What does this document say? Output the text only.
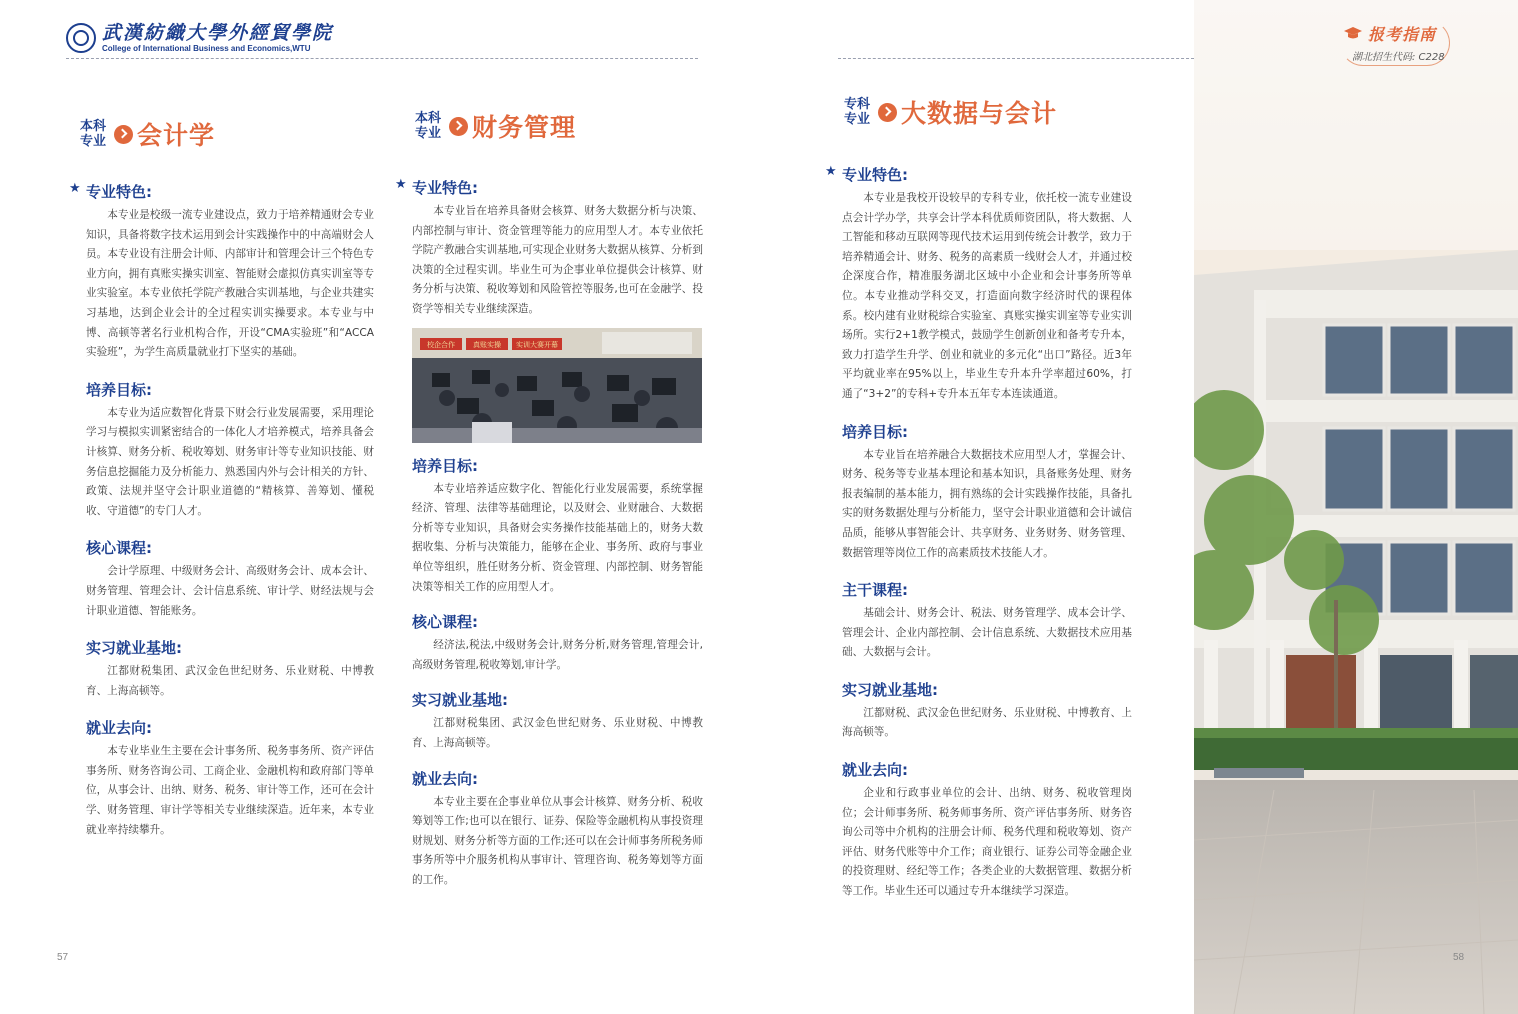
武漢紡織大學外經貿學院
College of International Business and Economics,WTU
本科专业 会计学
★ 专业特色:

本专业是校级一流专业建设点，致力于培养精通财会专业知识，具备将数字技术运用到会计实践操作中的中高端财会人员。本专业设有注册会计师、内部审计和管理会计三个特色专业方向，拥有真账实操实训室、智能财会虚拟仿真实训室等专业实验室。本专业依托学院产教融合实训基地，与企业共建实习基地，达到企业会计的全过程实训实操要求。本专业与中博、高顿等著名行业机构合作，开设“CMA实验班”和“ACCA实验班”，为学生高质量就业打下坚实的基础。

培养目标:

本专业为适应数智化背景下财会行业发展需要，采用理论学习与模拟实训紧密结合的一体化人才培养模式，培养具备会计核算、财务分析、税收筹划、财务审计等专业知识技能、财务信息挖掘能力及分析能力、熟悉国内外与会计相关的方针、政策、法规并坚守会计职业道德的“精核算、善筹划、懂税收、守道德”的专门人才。

核心课程:

会计学原理、中级财务会计、高级财务会计、成本会计、财务管理、管理会计、会计信息系统、审计学、财经法规与会计职业道德、智能账务。

实习就业基地:

江都财税集团、武汉金色世纪财务、乐业财税、中博教育、上海高顿等。

就业去向:

本专业毕业生主要在会计事务所、税务事务所、资产评估事务所、财务咨询公司、工商企业、金融机构和政府部门等单位，从事会计、出纳、财务、税务、审计等工作，还可在会计学、财务管理、审计学等相关专业继续深造。近年来，本专业就业率持续攀升。

本科专业 财务管理
★ 专业特色:

本专业旨在培养具备财会核算、财务大数据分析与决策、内部控制与审计、资金管理等能力的应用型人才。本专业依托学院产教融合实训基地,可实现企业财务大数据从核算、分析到决策的全过程实训。毕业生可为企事业单位提供会计核算、财务分析与决策、税收筹划和风险管控等服务,也可在金融学、投资学等相关专业继续深造。

校企合作	真账实操 实训大赛开幕
培养目标:

本专业培养适应数字化、智能化行业发展需要，系统掌握经济、管理、法律等基础理论，以及财会、业财融合、大数据分析等专业知识，具备财会实务操作技能基础上的，财务大数据收集、分析与决策能力，能够在企业、事务所、政府与事业单位等组织，胜任财务分析、资金管理、内部控制、财务智能决策等相关工作的应用型人才。

核心课程:

经济法,税法,中级财务会计,财务分析,财务管理,管理会计,高级财务管理,税收筹划,审计学。

实习就业基地:

江都财税集团、武汉金色世纪财务、乐业财税、中博教育、上海高顿等。

就业去向:

本专业主要在企事业单位从事会计核算、财务分析、税收筹划等工作;也可以在银行、证券、保险等金融机构从事投资理财规划、财务分析等方面的工作;还可以在会计师事务所税务师事务所等中介服务机构从事审计、管理咨询、税务筹划等方面的工作。

专科专业 大数据与会计
★ 专业特色:

本专业是我校开设较早的专科专业，依托校一流专业建设点会计学办学，共享会计学本科优质师资团队，将大数据、人工智能和移动互联网等现代技术运用到传统会计教学，致力于培养精通会计、财务、税务的高素质一线财会人才，并通过校企深度合作，精准服务湖北区域中小企业和会计事务所等单位。本专业推动学科交叉，打造面向数字经济时代的课程体系。校内建有业财税综合实验室、真账实操实训室等专业实训场所。实行2+1教学模式，鼓励学生创新创业和备考专升本，致力打造学生升学、创业和就业的多元化“出口”路径。近3年平均就业率在95%以上，毕业生专升本升学率超过60%，打通了“3+2”的专科+专升本五年专本连读通道。

培养目标:

本专业旨在培养融合大数据技术应用型人才，掌握会计、财务、税务等专业基本理论和基本知识，具备账务处理、财务报表编制的基本能力，拥有熟练的会计实践操作技能，具备扎实的财务数据处理与分析能力，坚守会计职业道德和会计诚信品质，能够从事智能会计、共享财务、业务财务、财务管理、数据管理等岗位工作的高素质技术技能人才。

主干课程:

基础会计、财务会计、税法、财务管理学、成本会计学、管理会计、企业内部控制、会计信息系统、大数据技术应用基础、大数据与会计。

实习就业基地:

江都财税、武汉金色世纪财务、乐业财税、中博教育、上海高顿等。

就业去向:

企业和行政事业单位的会计、出纳、财务、税收管理岗位；会计师事务所、税务师事务所、资产评估事务所、财务咨询公司等中介机构的注册会计师、税务代理和税收筹划、资产评估、财务代账等中介工作；商业银行、证券公司等金融企业的投资理财、经纪等工作；各类企业的大数据管理、数据分析等工作。毕业生还可以通过专升本继续学习深造。

报考指南
湖北招生代码: C228
57	58
